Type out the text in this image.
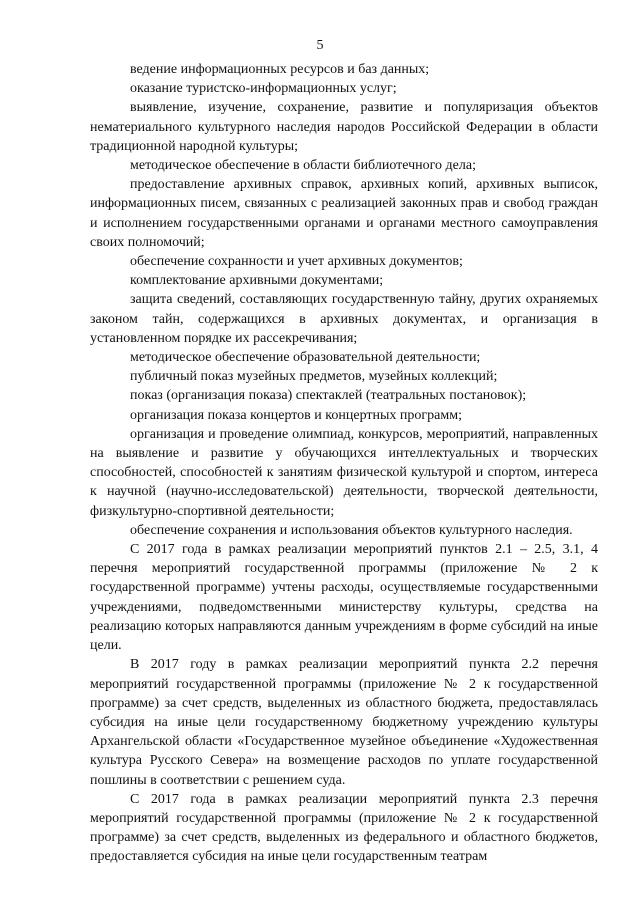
5

ведение информационных ресурсов и баз данных;

оказание туристско-информационных услуг;

выявление, изучение, сохранение, развитие и популяризация объектов нематериального культурного наследия народов Российской Федерации в области традиционной народной культуры;

методическое обеспечение в области библиотечного дела;

предоставление архивных справок, архивных копий, архивных выписок, информационных писем, связанных с реализацией законных прав и свобод граждан и исполнением государственными органами и органами местного самоуправления своих полномочий;

обеспечение сохранности и учет архивных документов;

комплектование архивными документами;

защита сведений, составляющих государственную тайну, других охраняемых законом тайн, содержащихся в архивных документах, и организация в установленном порядке их рассекречивания;

методическое обеспечение образовательной деятельности;

публичный показ музейных предметов, музейных коллекций;

показ (организация показа) спектаклей (театральных постановок);

организация показа концертов и концертных программ;

организация и проведение олимпиад, конкурсов, мероприятий, направленных на выявление и развитие у обучающихся интеллектуальных и творческих способностей, способностей к занятиям физической культурой и спортом, интереса к научной (научно-исследовательской) деятельности, творческой деятельности, физкультурно-спортивной деятельности;

обеспечение сохранения и использования объектов культурного наследия.

С 2017 года в рамках реализации мероприятий пунктов 2.1 – 2.5, 3.1, 4 перечня мероприятий государственной программы (приложение № 2 к государственной программе) учтены расходы, осуществляемые государственными учреждениями, подведомственными министерству культуры, средства на реализацию которых направляются данным учреждениям в форме субсидий на иные цели.

В 2017 году в рамках реализации мероприятий пункта 2.2 перечня мероприятий государственной программы (приложение № 2 к государственной программе) за счет средств, выделенных из областного бюджета, предоставлялась субсидия на иные цели государственному бюджетному учреждению культуры Архангельской области «Государственное музейное объединение «Художественная культура Русского Севера» на возмещение расходов по уплате государственной пошлины в соответствии с решением суда.

С 2017 года в рамках реализации мероприятий пункта 2.3 перечня мероприятий государственной программы (приложение № 2 к государственной программе) за счет средств, выделенных из федерального и областного бюджетов, предоставляется субсидия на иные цели государственным театрам
